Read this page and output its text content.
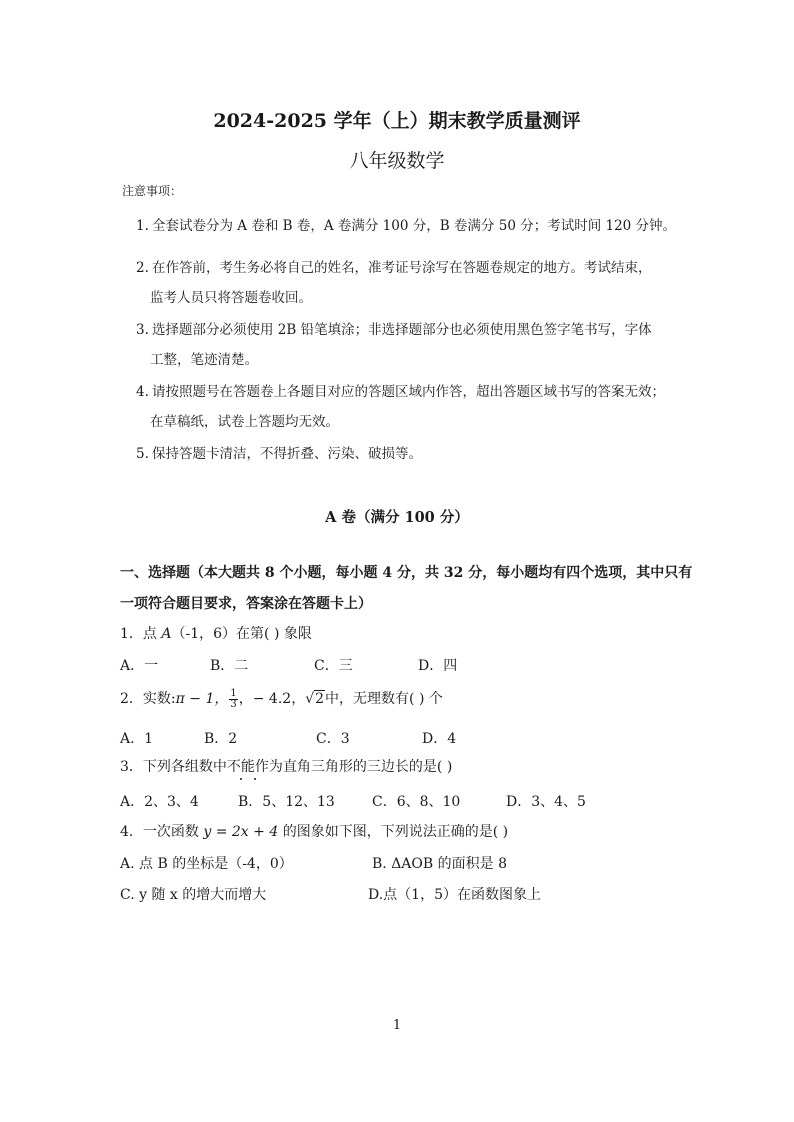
2024-2025 学年（上）期末教学质量测评
八年级数学
注意事项：
1. 全套试卷分为 A 卷和 B 卷，A 卷满分 100 分，B 卷满分 50 分；考试时间 120 分钟。
2. 在作答前，考生务必将自己的姓名，准考证号涂写在答题卷规定的地方。考试结束，
监考人员只将答题卷收回。
3. 选择题部分必须使用 2B 铅笔填涂；非选择题部分也必须使用黑色签字笔书写，字体
工整，笔迹清楚。
4. 请按照题号在答题卷上各题目对应的答题区域内作答，超出答题区域书写的答案无效；
在草稿纸，试卷上答题均无效。
5. 保持答题卡清洁，不得折叠、污染、破损等。
A 卷（满分 100 分）
一、选择题（本大题共 8 个小题，每小题 4 分，共 32 分，每小题均有四个选项，其中只有
一项符合题目要求，答案涂在答题卡上）
1．点 A（-1，6）在第( ) 象限
A．一	B．二	C．三	D．四
2．实数:π − 1， $\frac{1}{3}$ ，− 4.2，√2中，无理数有( ) 个
A．1	B．2	C．3	D．4
3．下列各组数中不能作为直角三角形的三边长的是( )
A．2、3、4	B．5、12、13	C．6、8、10	D．3、4、5
4．一次函数 y = 2x + 4 的图象如下图，下列说法正确的是( )
A. 点 B 的坐标是（-4，0）	B. ΔAOB 的面积是 8
C. y 随 x 的增大而增大	D.点（1，5）在函数图象上
1
